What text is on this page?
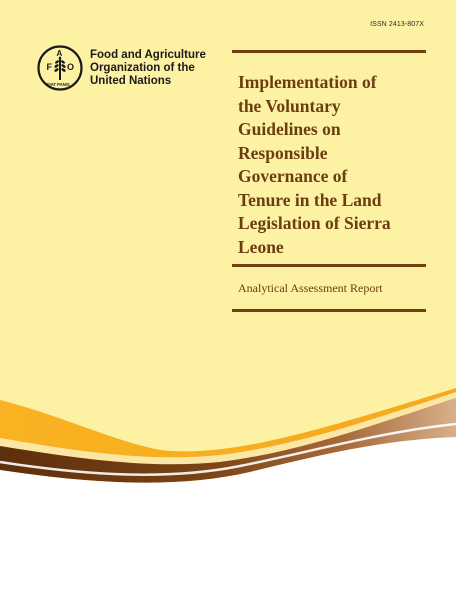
ISSN 2413-807X
F
A
O
FIAT PANIS
Food and Agriculture
Organization of the
United Nations	Implementation of
the Voluntary
Guidelines on
Responsible
Governance of
Tenure in the Land
Legislation of Sierra
Leone
Analytical Assessment Report
